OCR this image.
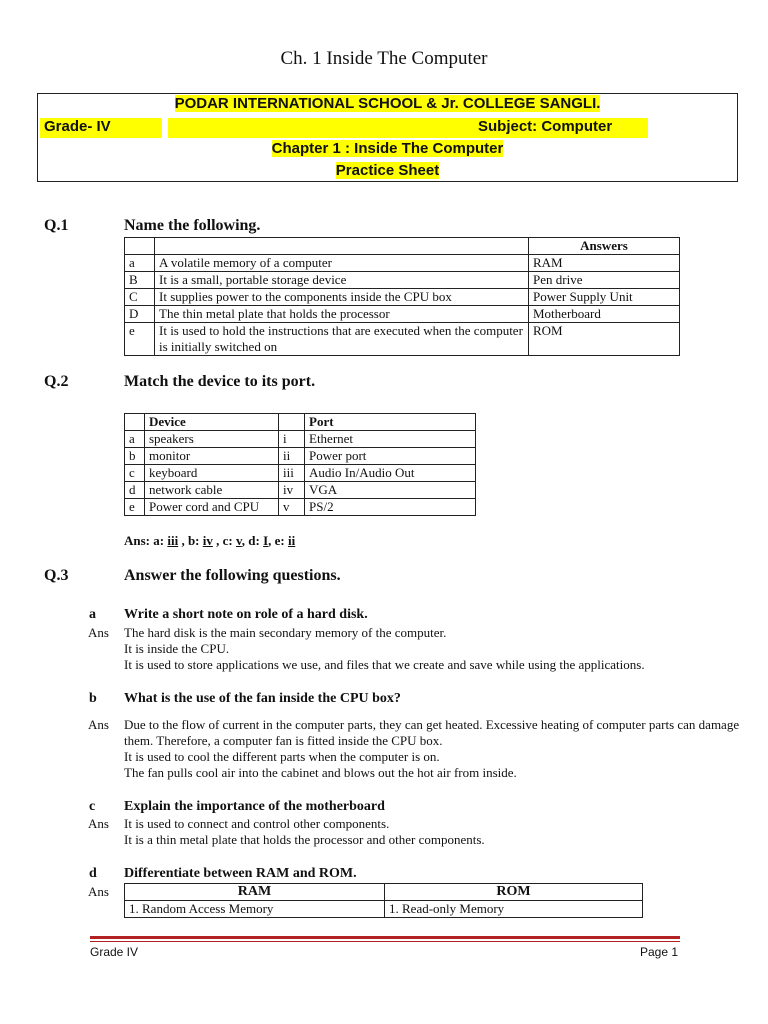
Ch. 1 Inside The Computer
PODAR INTERNATIONAL SCHOOL & Jr. COLLEGE SANGLI.
Grade- IV	Subject: Computer
Chapter 1 : Inside The Computer
Practice Sheet
Q.1	Name the following.
		Answers
a	A volatile memory of a computer	RAM
B	It is a small, portable storage device	Pen drive
C	It supplies power to the components inside the CPU box	Power Supply Unit
D	The thin metal plate that holds the processor	Motherboard
e	It is used to hold the instructions that are executed when the computer is initially switched on	ROM
Q.2	Match the device to its port.
	Device		Port
a	speakers	i	Ethernet
b	monitor	ii	Power port
c	keyboard	iii	Audio In/Audio Out
d	network cable	iv	VGA
e	Power cord and CPU	v	PS/2
Ans: a: iii , b: iv , c: v, d: I, e: ii
Q.3	Answer the following questions.
a Write a short note on role of a hard disk.
Ans The hard disk is the main secondary memory of the computer.
It is inside the CPU.
It is used to store applications we use, and files that we create and save while using the applications.
b What is the use of the fan inside the CPU box?
Ans Due to the flow of current in the computer parts, they can get heated. Excessive heating of computer parts can damage them. Therefore, a computer fan is fitted inside the CPU box.
It is used to cool the different parts when the computer is on.
The fan pulls cool air into the cabinet and blows out the hot air from inside.
c Explain the importance of the motherboard
Ans It is used to connect and control other components.
It is a thin metal plate that holds the processor and other components.
d Differentiate between RAM and ROM.
Ans	RAM	ROM
1. Random Access Memory	1. Read-only Memory
Grade IV	Page 1
